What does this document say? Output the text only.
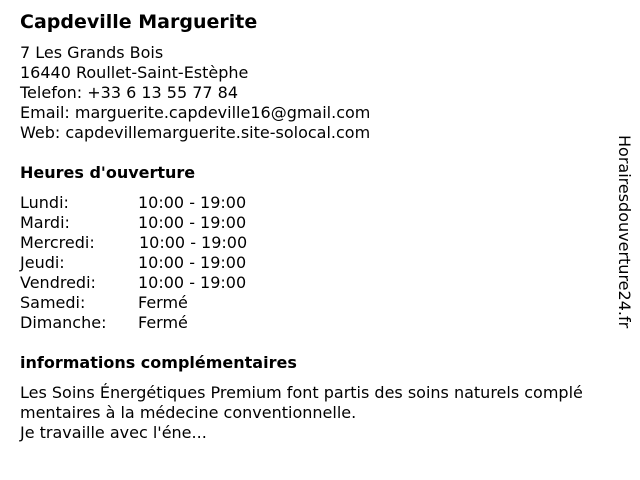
Capdeville Marguerite
7 Les Grands Bois
16440 Roullet-Saint-Estèphe
Telefon: +33 6 13 55 77 84
Email: marguerite.capdeville16@gmail.com
Web: capdevillemarguerite.site-solocal.com
Heures d'ouverture
Lundi:	10:00 - 19:00
Mardi:	10:00 - 19:00
Mercredi:	10:00 - 19:00
Jeudi:	10:00 - 19:00
Vendredi:	10:00 - 19:00
Samedi:	Fermé
Dimanche: Fermé
informations complémentaires
Les Soins Énergétiques Premium font partis des soins naturels complé
mentaires à la médecine conventionnelle.
Je travaille avec l'éne...
Horairesdouverture24.fr
